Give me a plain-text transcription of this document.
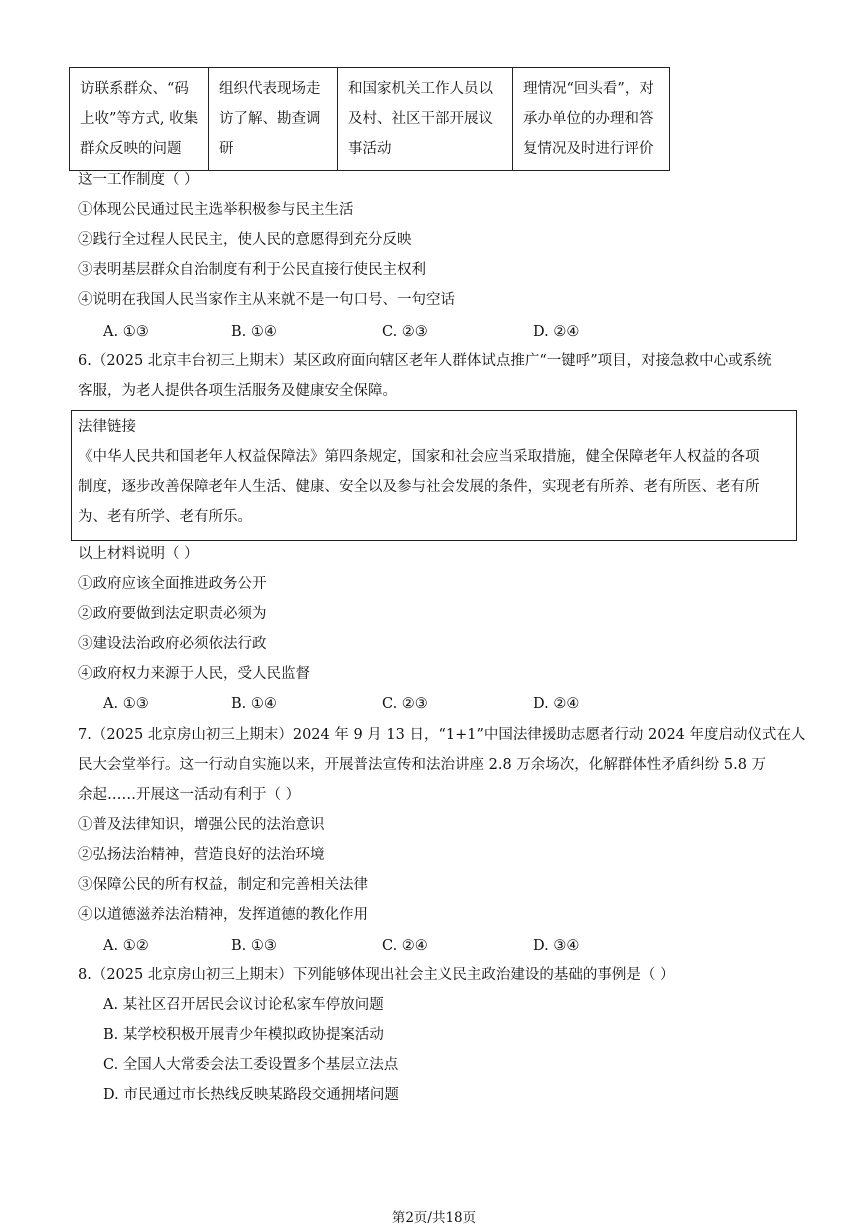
访联系群众、“码上收”等方式, 收集群众反映的问题	组织代表现场走访了解、勘查调研	和国家机关工作人员以及村、社区干部开展议事活动	理情况“回头看”，对承办单位的办理和答复情况及时进行评价
这一工作制度（ ）
①体现公民通过民主选举积极参与民主生活
②践行全过程人民民主，使人民的意愿得到充分反映
③表明基层群众自治制度有利于公民直接行使民主权利
④说明在我国人民当家作主从来就不是一句口号、一句空话
A. ①③	B. ①④	C. ②③	D. ②④
6.（2025 北京丰台初三上期末）某区政府面向辖区老年人群体试点推广“一键呼”项目，对接急救中心或系统
客服，为老人提供各项生活服务及健康安全保障。
法律链接
《中华人民共和国老年人权益保障法》第四条规定，国家和社会应当采取措施，健全保障老年人权益的各项
制度，逐步改善保障老年人生活、健康、安全以及参与社会发展的条件，实现老有所养、老有所医、老有所
为、老有所学、老有所乐。
以上材料说明（ ）
①政府应该全面推进政务公开
②政府要做到法定职责必须为
③建设法治政府必须依法行政
④政府权力来源于人民，受人民监督
A. ①③	B. ①④	C. ②③	D. ②④
7.（2025 北京房山初三上期末）2024 年 9 月 13 日，“1+1”中国法律援助志愿者行动 2024 年度启动仪式在人
民大会堂举行。这一行动自实施以来，开展普法宣传和法治讲座 2.8 万余场次，化解群体性矛盾纠纷 5.8 万
余起……开展这一活动有利于（ ）
①普及法律知识，增强公民的法治意识
②弘扬法治精神，营造良好的法治环境
③保障公民的所有权益，制定和完善相关法律
④以道德滋养法治精神，发挥道德的教化作用
A. ①②	B. ①③	C. ②④	D. ③④
8.（2025 北京房山初三上期末）下列能够体现出社会主义民主政治建设的基础的事例是（ ）
A. 某社区召开居民会议讨论私家车停放问题
B. 某学校积极开展青少年模拟政协提案活动
C. 全国人大常委会法工委设置多个基层立法点
D. 市民通过市长热线反映某路段交通拥堵问题
第2页/共18页
